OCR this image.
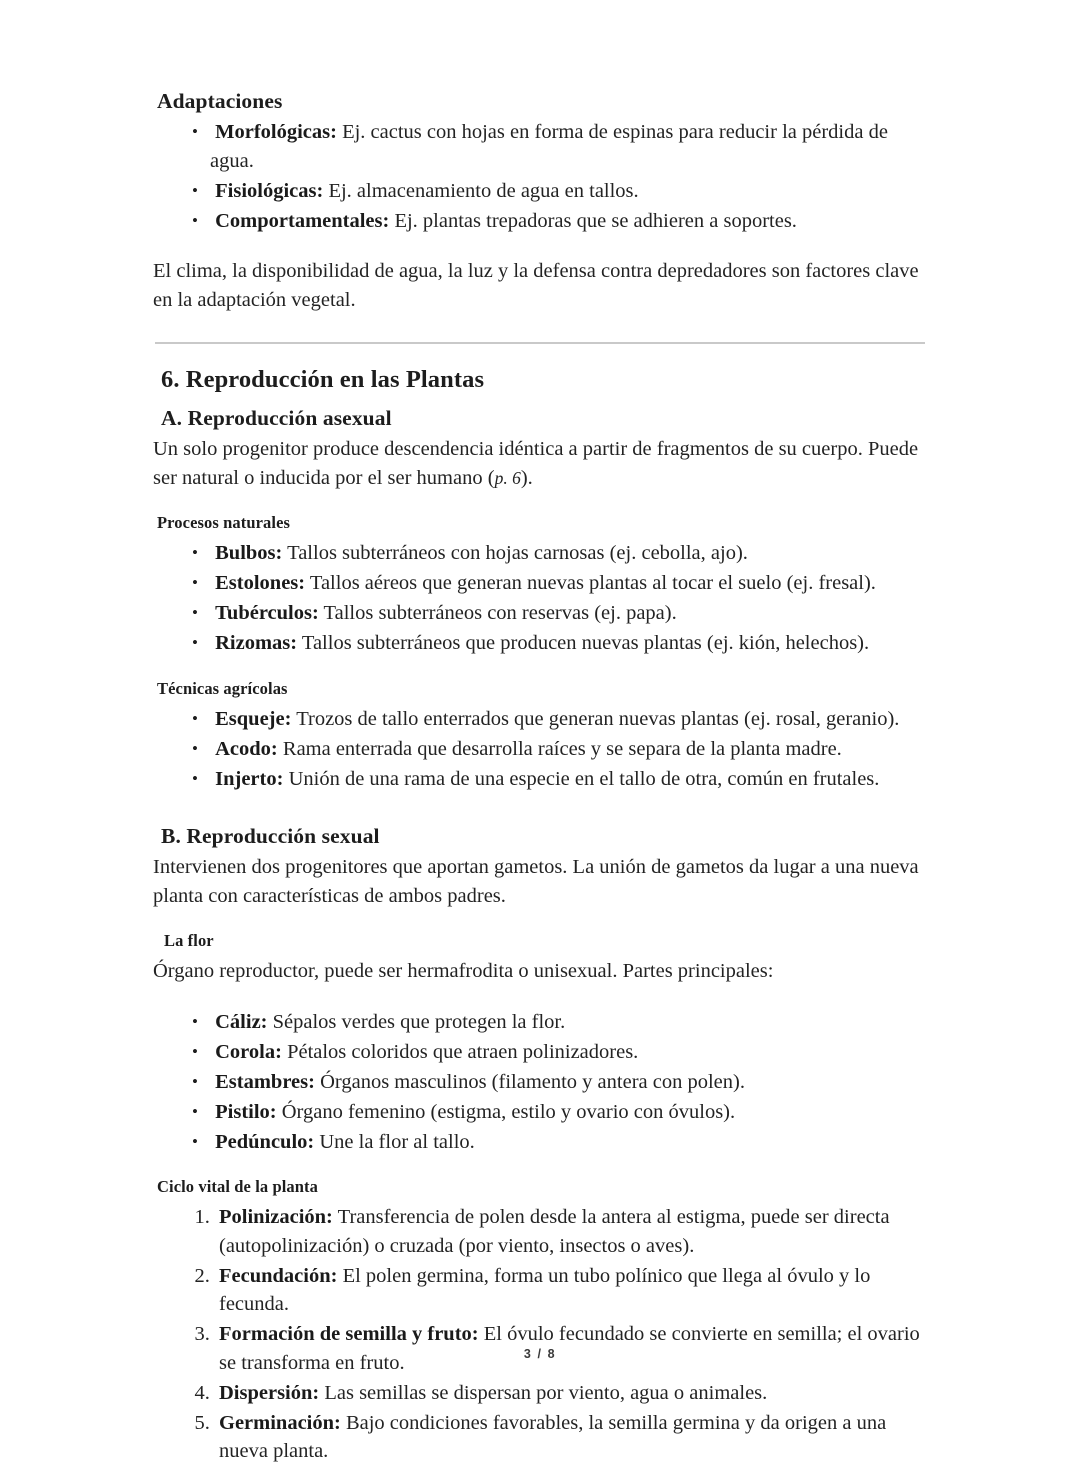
Adaptaciones
• Morfológicas: Ej. cactus con hojas en forma de espinas para reducir la pérdida de agua.
• Fisiológicas: Ej. almacenamiento de agua en tallos.
• Comportamentales: Ej. plantas trepadoras que se adhieren a soportes.

El clima, la disponibilidad de agua, la luz y la defensa contra depredadores son factores clave en la adaptación vegetal.

6. Reproducción en las Plantas
A. Reproducción asexual

Un solo progenitor produce descendencia idéntica a partir de fragmentos de su cuerpo. Puede ser natural o inducida por el ser humano (p. 6).

Procesos naturales
• Bulbos: Tallos subterráneos con hojas carnosas (ej. cebolla, ajo).
• Estolones: Tallos aéreos que generan nuevas plantas al tocar el suelo (ej. fresal).
• Tubérculos: Tallos subterráneos con reservas (ej. papa).
• Rizomas: Tallos subterráneos que producen nuevas plantas (ej. kión, helechos).
Técnicas agrícolas
• Esqueje: Trozos de tallo enterrados que generan nuevas plantas (ej. rosal, geranio).
• Acodo: Rama enterrada que desarrolla raíces y se separa de la planta madre.
• Injerto: Unión de una rama de una especie en el tallo de otra, común en frutales.
B. Reproducción sexual

Intervienen dos progenitores que aportan gametos. La unión de gametos da lugar a una nueva planta con características de ambos padres.

La flor

Órgano reproductor, puede ser hermafrodita o unisexual. Partes principales:

• Cáliz: Sépalos verdes que protegen la flor.
• Corola: Pétalos coloridos que atraen polinizadores.
• Estambres: Órganos masculinos (filamento y antera con polen).
• Pistilo: Órgano femenino (estigma, estilo y ovario con óvulos).
• Pedúnculo: Une la flor al tallo.
Ciclo vital de la planta
1. Polinización: Transferencia de polen desde la antera al estigma, puede ser directa (autopolinización) o cruzada (por viento, insectos o aves).
2. Fecundación: El polen germina, forma un tubo polínico que llega al óvulo y lo fecunda.
3. Formación de semilla y fruto: El óvulo fecundado se convierte en semilla; el ovario se transforma en fruto.
4. Dispersión: Las semillas se dispersan por viento, agua o animales.
5. Germinación: Bajo condiciones favorables, la semilla germina y da origen a una nueva planta.
3 / 8
